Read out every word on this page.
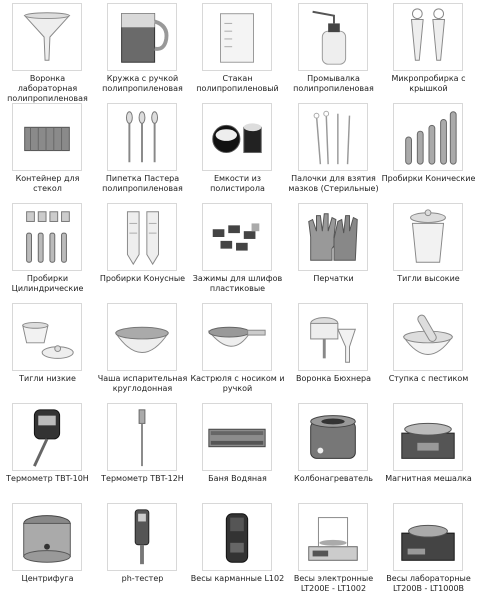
Воронка лабораторная
полипропиленовая
Кружка с ручкой
полипропиленовая
Стакан
полипропиленовый
Промывалка
полипропиленовая
Микропробирка с
крышкой
Контейнер для стекол
Пипетка Пастера
полипропиленовая
Емкости из полистирола
Палочки для взятия
мазков (Стерильные)
Пробирки Конические
Пробирки
Цилиндрические
Пробирки Конусные Зажимы для шлифов
пластиковые
Перчатки	Тигли высокие
Тигли низкие	Чаша испарительная
круглодонная
Кастрюля с носиком и
ручкой
Воронка Бюхнера	Ступка с пестиком
Термометр TBT-10H	Термометр TBT-12H	Баня Водяная	Колбонагреватель	Магнитная мешалка
Центрифуга	ph-тестер	Весы карманные L102	Весы электронные
LT200E - LT1002
Весы лабораторные
LT200B - LT1000B
